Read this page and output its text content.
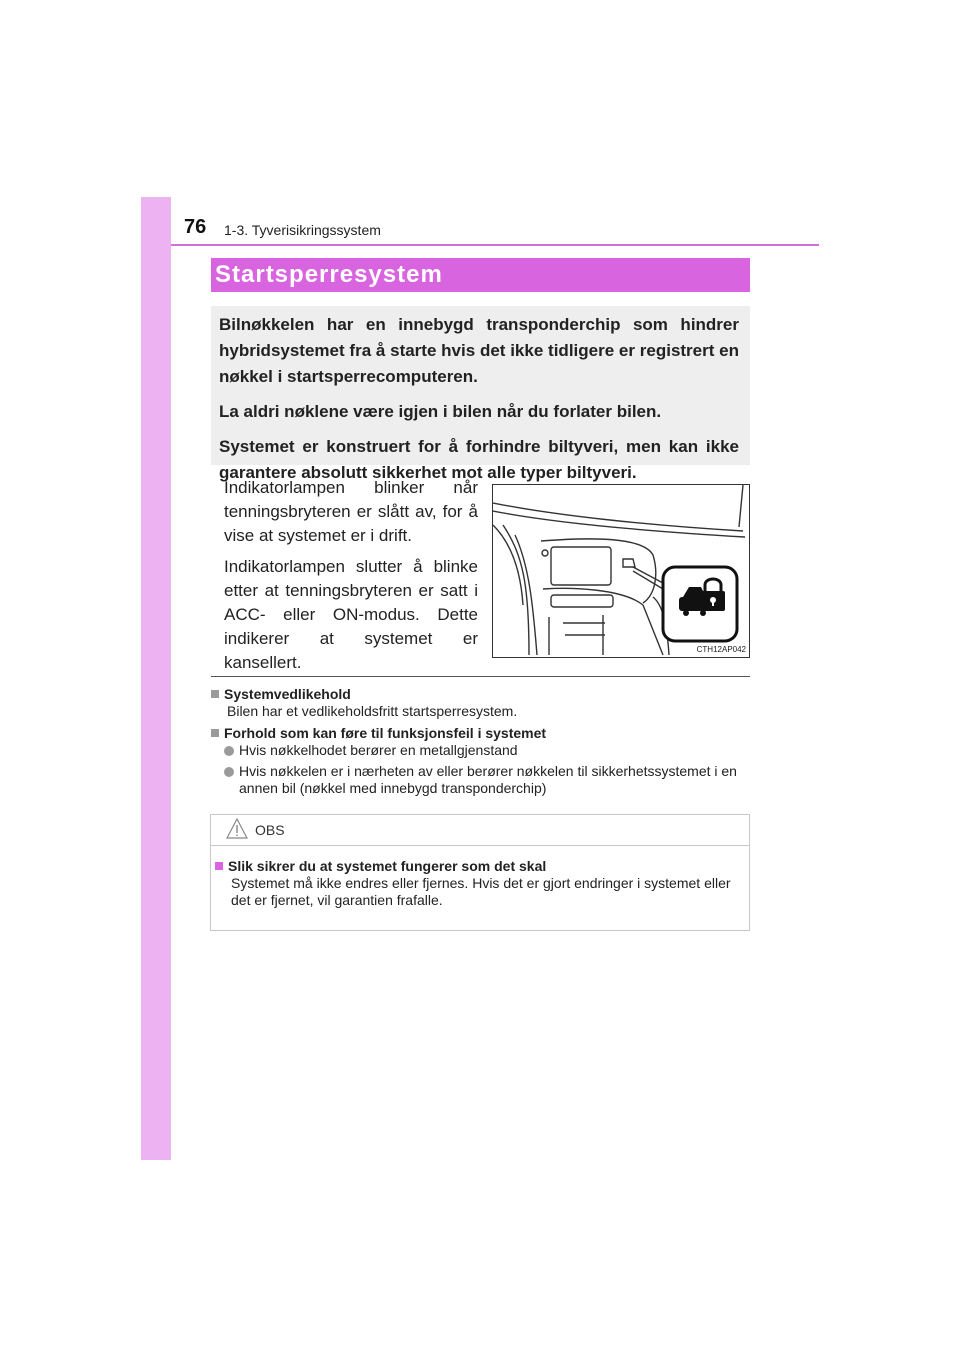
76 1-3. Tyverisikringssystem
Startsperresystem

Bilnøkkelen har en innebygd transponderchip som hindrer hybridsystemet fra å starte hvis det ikke tidligere er registrert en nøkkel i startsperrecomputeren.

La aldri nøklene være igjen i bilen når du forlater bilen.

Systemet er konstruert for å forhindre biltyveri, men kan ikke garantere absolutt sikkerhet mot alle typer biltyveri.

Indikatorlampen blinker når tenningsbryteren er slått av, for å vise at systemet er i drift.

Indikatorlampen slutter å blinke etter at tenningsbryteren er satt i ACC- eller ON-modus. Dette indikerer at systemet er kansellert.

CTH12AP042
Systemvedlikehold
Bilen har et vedlikeholdsfritt startsperresystem.
Forhold som kan føre til funksjonsfeil i systemet
Hvis nøkkelhodet berører en metallgjenstand
Hvis nøkkelen er i nærheten av eller berører nøkkelen til sikkerhetssystemet i en annen bil (nøkkel med innebygd transponderchip)
OBS
Slik sikrer du at systemet fungerer som det skal
Systemet må ikke endres eller fjernes. Hvis det er gjort endringer i systemet eller det er fjernet, vil garantien frafalle.
